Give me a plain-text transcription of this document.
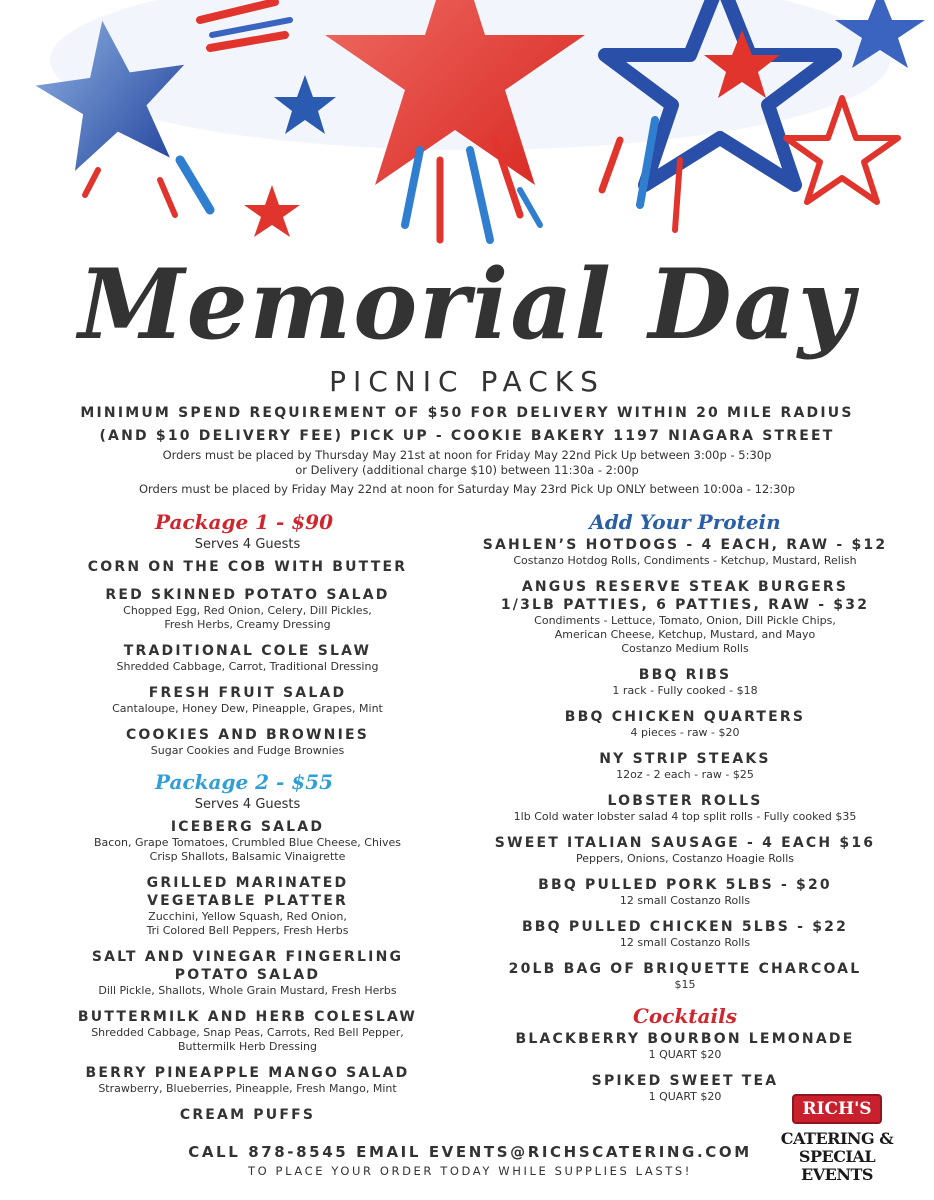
Memorial Day
PICNIC PACKS
MINIMUM SPEND REQUIREMENT OF $50 FOR DELIVERY WITHIN 20 MILE RADIUS
(AND $10 DELIVERY FEE) PICK UP - COOKIE BAKERY 1197 NIAGARA STREET
Orders must be placed by Thursday May 21st at noon for Friday May 22nd Pick Up between 3:00p - 5:30p
or Delivery (additional charge $10) between 11:30a - 2:00p
Orders must be placed by Friday May 22nd at noon for Saturday May 23rd Pick Up ONLY between 10:00a - 12:30p
Package 1 - $90
Serves 4 Guests
CORN ON THE COB WITH BUTTER
RED SKINNED POTATO SALAD
Chopped Egg, Red Onion, Celery, Dill Pickles,
Fresh Herbs, Creamy Dressing
TRADITIONAL COLE SLAW
Shredded Cabbage, Carrot, Traditional Dressing
FRESH FRUIT SALAD
Cantaloupe, Honey Dew, Pineapple, Grapes, Mint
COOKIES AND BROWNIES
Sugar Cookies and Fudge Brownies
Package 2 - $55
Serves 4 Guests
ICEBERG SALAD
Bacon, Grape Tomatoes, Crumbled Blue Cheese, Chives
Crisp Shallots, Balsamic Vinaigrette
GRILLED MARINATED
VEGETABLE PLATTER
Zucchini, Yellow Squash, Red Onion,
Tri Colored Bell Peppers, Fresh Herbs
SALT AND VINEGAR FINGERLING
POTATO SALAD
Dill Pickle, Shallots, Whole Grain Mustard, Fresh Herbs
BUTTERMILK AND HERB COLESLAW
Shredded Cabbage, Snap Peas, Carrots, Red Bell Pepper,
Buttermilk Herb Dressing
BERRY PINEAPPLE MANGO SALAD
Strawberry, Blueberries, Pineapple, Fresh Mango, Mint
CREAM PUFFS
Add Your Protein
SAHLEN’S HOTDOGS - 4 EACH, RAW - $12
Costanzo Hotdog Rolls, Condiments - Ketchup, Mustard, Relish
ANGUS RESERVE STEAK BURGERS
1/3LB PATTIES, 6 PATTIES, RAW - $32
Condiments - Lettuce, Tomato, Onion, Dill Pickle Chips,
American Cheese, Ketchup, Mustard, and Mayo
Costanzo Medium Rolls
BBQ RIBS
1 rack - Fully cooked - $18
BBQ CHICKEN QUARTERS
4 pieces - raw - $20
NY STRIP STEAKS
12oz - 2 each - raw - $25
LOBSTER ROLLS
1lb Cold water lobster salad 4 top split rolls - Fully cooked $35
SWEET ITALIAN SAUSAGE - 4 EACH $16
Peppers, Onions, Costanzo Hoagie Rolls
BBQ PULLED PORK 5LBS - $20
12 small Costanzo Rolls
BBQ PULLED CHICKEN 5LBS - $22
12 small Costanzo Rolls
20LB BAG OF BRIQUETTE CHARCOAL
$15
Cocktails
BLACKBERRY BOURBON LEMONADE
1 QUART $20
SPIKED SWEET TEA
1 QUART $20
CALL 878-8545 EMAIL EVENTS@RICHSCATERING.COM
TO PLACE YOUR ORDER TODAY WHILE SUPPLIES LASTS!
RICH'S
CATERING &
SPECIAL EVENTS
